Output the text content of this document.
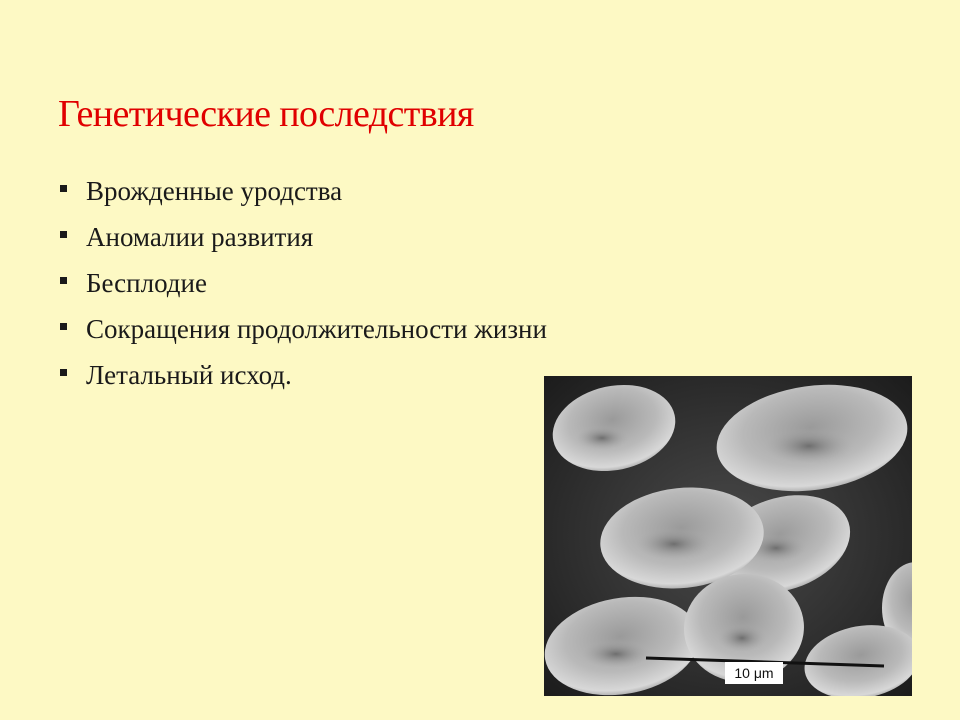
Генетические последствия
Врожденные уродства
Аномалии развития
Бесплодие
Сокращения продолжительности жизни
Летальный исход.
10 μm
